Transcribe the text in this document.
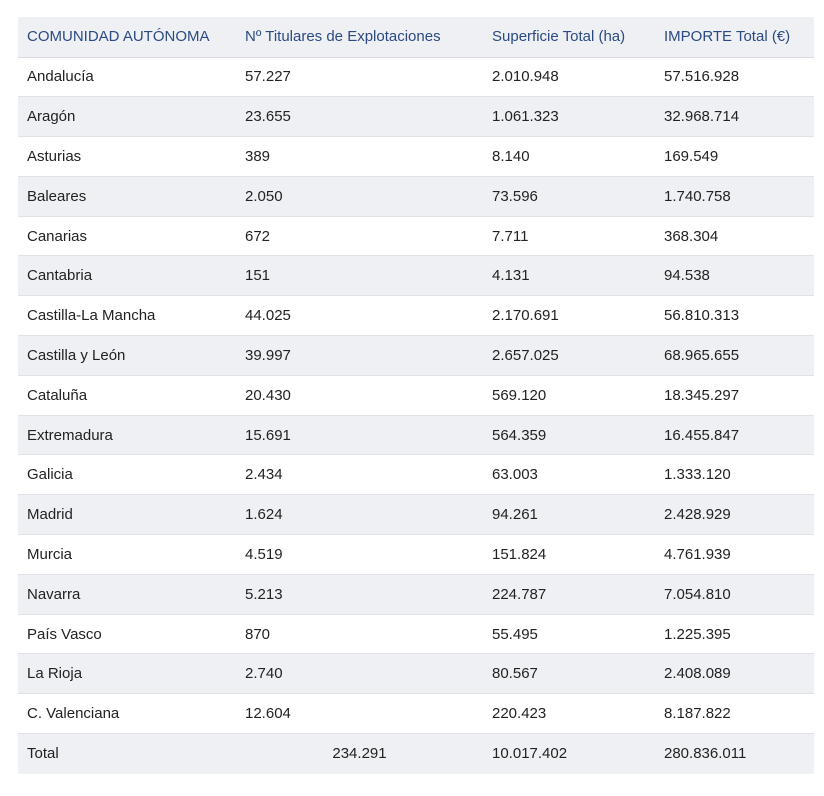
COMUNIDAD AUTÓNOMA	Nº Titulares de Explotaciones	Superficie Total (ha)	IMPORTE Total (€)
Andalucía	57.227	2.010.948	57.516.928
Aragón	23.655	1.061.323	32.968.714
Asturias	389	8.140	169.549
Baleares	2.050	73.596	1.740.758
Canarias	672	7.711	368.304
Cantabria	151	4.131	94.538
Castilla-La Mancha	44.025	2.170.691	56.810.313
Castilla y León	39.997	2.657.025	68.965.655
Cataluña	20.430	569.120	18.345.297
Extremadura	15.691	564.359	16.455.847
Galicia	2.434	63.003	1.333.120
Madrid	1.624	94.261	2.428.929
Murcia	4.519	151.824	4.761.939
Navarra	5.213	224.787	7.054.810
País Vasco	870	55.495	1.225.395
La Rioja	2.740	80.567	2.408.089
C. Valenciana	12.604	220.423	8.187.822
Total	234.291	10.017.402	280.836.011
